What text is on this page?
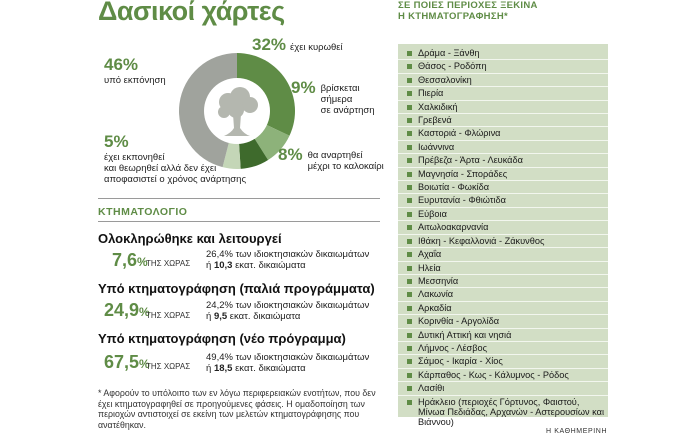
Δασικοί χάρτες
46%
υπό εκπόνηση
32% έχει κυρωθεί
9% βρίσκεται
σήμερα
σε ανάρτηση
8% θα αναρτηθεί
μέχρι το καλοκαίρι
5%
έχει εκπονηθεί
και θεωρηθεί αλλά δεν έχει
αποφασιστεί ο χρόνος ανάρτησης
ΚΤΗΜΑΤΟΛΟΓΙΟ
Ολοκληρώθηκε και λειτουργεί
7,6%
ΤΗΣ ΧΩΡΑΣ
26,4% των ιδιοκτησιακών δικαιωμάτων
ή 10,3 εκατ. δικαιώματα
Υπό κτηματογράφηση (παλιά προγράμματα)
24,9%
ΤΗΣ ΧΩΡΑΣ
24,2% των ιδιοκτησιακών δικαιωμάτων
ή 9,5 εκατ. δικαιώματα
Υπό κτηματογράφηση (νέο πρόγραμμα)
67,5%
ΤΗΣ ΧΩΡΑΣ
49,4% των ιδιοκτησιακών δικαιωμάτων
ή 18,5 εκατ. δικαιώματα
* Αφορούν το υπόλοιπο των εν λόγω περιφερειακών ενοτήτων, που δεν έχει κτηματογραφηθεί σε προηγούμενες φάσεις. Η ομαδοποίηση των περιοχών αντιστοιχεί σε εκείνη των μελετών κτηματογράφησης που ανατέθηκαν.
ΣΕ ΠΟΙΕΣ ΠΕΡΙΟΧΕΣ ΞΕΚΙΝΑ
Η ΚΤΗΜΑΤΟΓΡΑΦΗΣΗ*
Δράμα - Ξάνθη
Θάσος - Ροδόπη
Θεσσαλονίκη
Πιερία
Χαλκιδική
Γρεβενά
Καστοριά - Φλώρινα
Ιωάννινα
Πρέβεζα - Άρτα - Λευκάδα
Μαγνησία - Σποράδες
Βοιωτία - Φωκίδα
Ευρυτανία - Φθιώτιδα
Εύβοια
Αιτωλοακαρνανία
Ιθάκη - Κεφαλλονιά - Ζάκυνθος
Αχαΐα
Ηλεία
Μεσσηνία
Λακωνία
Αρκαδία
Κορινθία - Αργολίδα
Δυτική Αττική και νησιά
Λήμνος - Λέσβος
Σάμος - Ικαρία - Χίος
Κάρπαθος - Κως - Κάλυμνος - Ρόδος
Λασίθι
Ηράκλειο (περιοχές Γόρτυνος, Φαιστού, Μίνωα Πεδιάδας, Αρχανών - Αστερουσίων και Βιάννου)
Η ΚΑΘΗΜΕΡΙΝΗ
